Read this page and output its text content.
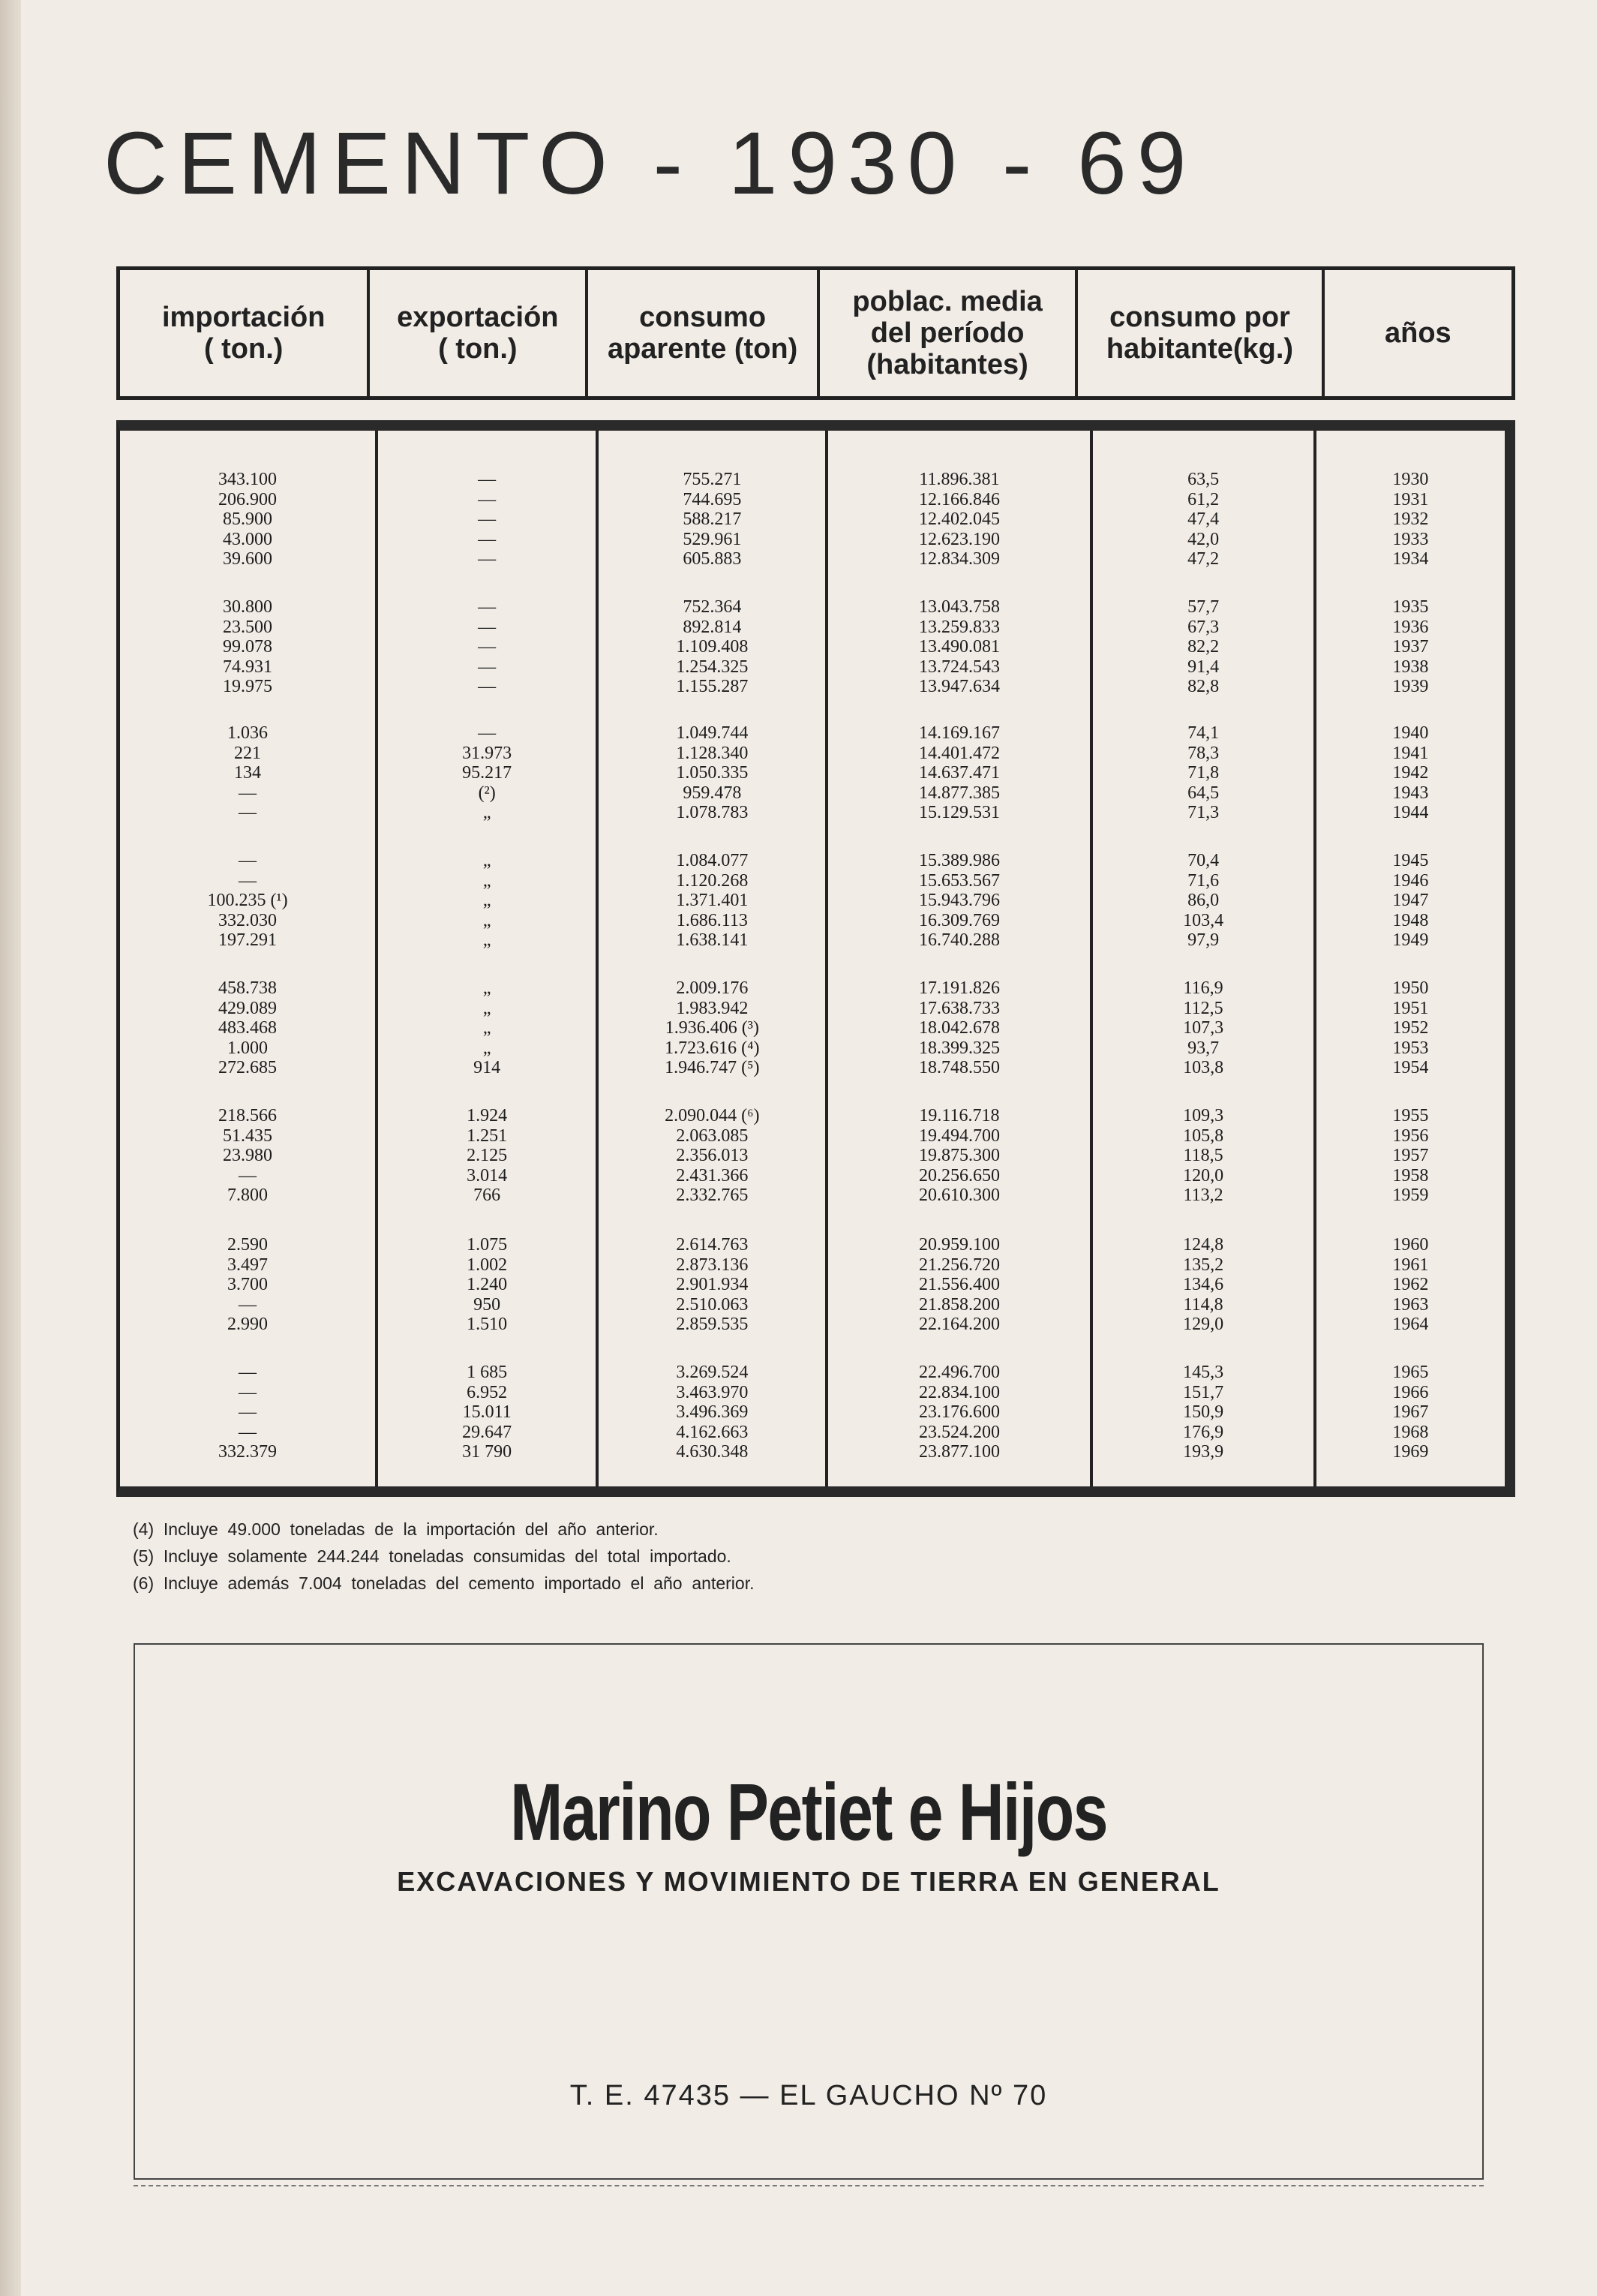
CEMENTO - 1930 - 69
importación
( ton.)
exportación
( ton.)
consumo
aparente (ton)
poblac. media
del período
(habitantes)
consumo por
habitante(kg.)	años
343.100
206.900
85.900
43.000
39.600
30.800
23.500
99.078
74.931
19.975
1.036
221
134
—
—
—
—
100.235 (¹)
332.030
197.291
458.738
429.089
483.468
1.000
272.685
218.566
51.435
23.980
—
7.800
2.590
3.497
3.700
—
2.990
—
—
—
—
332.379
—
—
—
—
—
—
—
—
—
—
—
31.973
95.217
(²)
„
„
„
„
„
„
„
„
„
„
914
1.924
1.251
2.125
3.014
766
1.075
1.002
1.240
950
1.510
1 685
6.952
15.011
29.647
31 790
755.271
744.695
588.217
529.961
605.883
752.364
892.814
1.109.408
1.254.325
1.155.287
1.049.744
1.128.340
1.050.335
959.478
1.078.783
1.084.077
1.120.268
1.371.401
1.686.113
1.638.141
2.009.176
1.983.942
1.936.406 (³)
1.723.616 (⁴)
1.946.747 (⁵)
2.090.044 (⁶)
2.063.085
2.356.013
2.431.366
2.332.765
2.614.763
2.873.136
2.901.934
2.510.063
2.859.535
3.269.524
3.463.970
3.496.369
4.162.663
4.630.348
11.896.381
12.166.846
12.402.045
12.623.190
12.834.309
13.043.758
13.259.833
13.490.081
13.724.543
13.947.634
14.169.167
14.401.472
14.637.471
14.877.385
15.129.531
15.389.986
15.653.567
15.943.796
16.309.769
16.740.288
17.191.826
17.638.733
18.042.678
18.399.325
18.748.550
19.116.718
19.494.700
19.875.300
20.256.650
20.610.300
20.959.100
21.256.720
21.556.400
21.858.200
22.164.200
22.496.700
22.834.100
23.176.600
23.524.200
23.877.100
63,5
61,2
47,4
42,0
47,2
57,7
67,3
82,2
91,4
82,8
74,1
78,3
71,8
64,5
71,3
70,4
71,6
86,0
103,4
97,9
116,9
112,5
107,3
93,7
103,8
109,3
105,8
118,5
120,0
113,2
124,8
135,2
134,6
114,8
129,0
145,3
151,7
150,9
176,9
193,9
1930
1931
1932
1933
1934
1935
1936
1937
1938
1939
1940
1941
1942
1943
1944
1945
1946
1947
1948
1949
1950
1951
1952
1953
1954
1955
1956
1957
1958
1959
1960
1961
1962
1963
1964
1965
1966
1967
1968
1969
(4)  Incluye  49.000  toneladas  de  la  importación  del  año  anterior.
(5)  Incluye  solamente  244.244  toneladas  consumidas  del  total  importado.
(6)  Incluye  además  7.004  toneladas  del  cemento  importado  el  año  anterior.
Marino Petiet e Hijos
EXCAVACIONES Y MOVIMIENTO DE TIERRA EN GENERAL
T. E. 47435 — EL GAUCHO Nº 70
